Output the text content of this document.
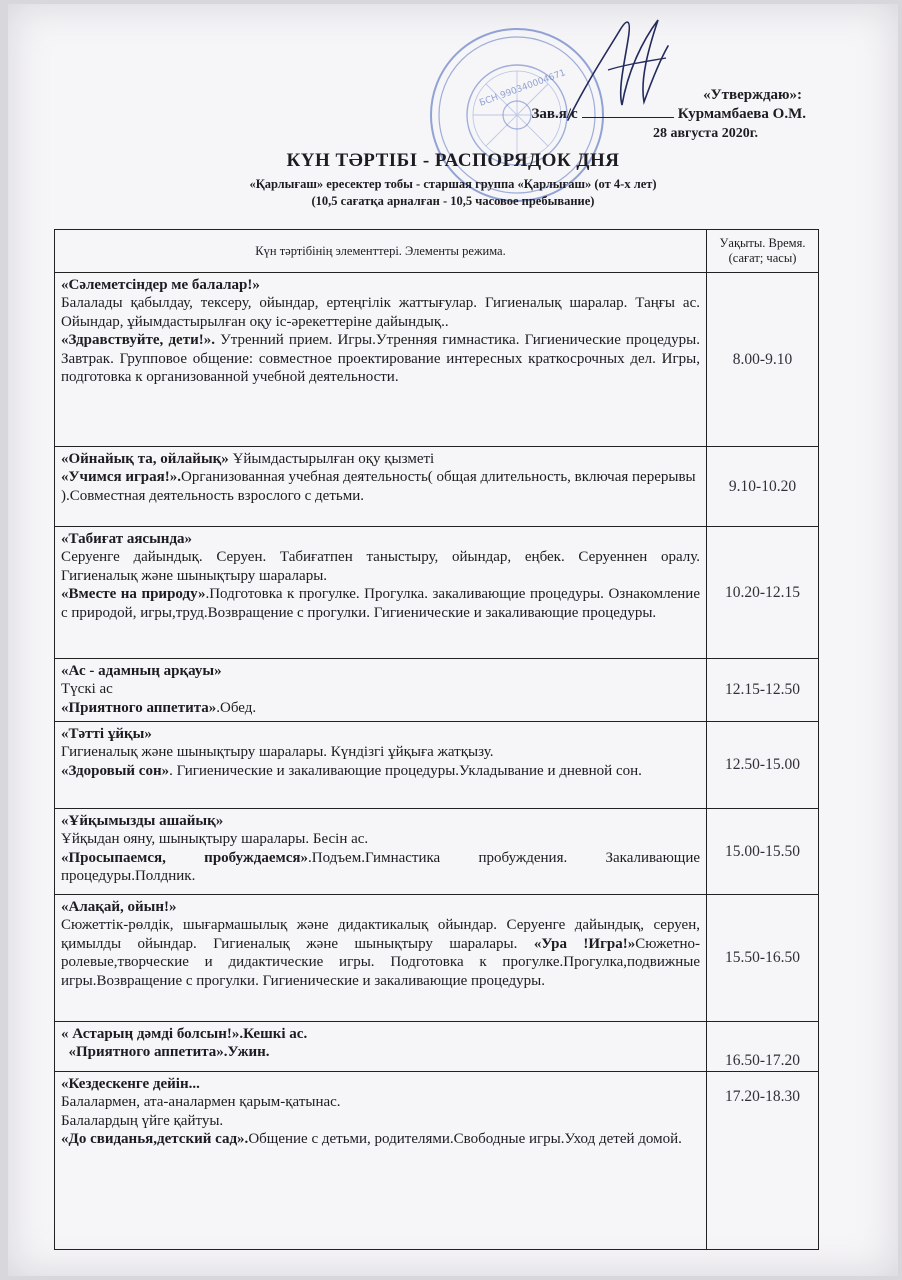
БСН 990340004671	«Утверждаю»:
Зав.я/с	Курмамбаева О.М.
28 августа 2020г.
КҮН ТӘРТІБІ - РАСПОРЯДОК ДНЯ
«Қарлығаш» ересектер тобы - старшая группа «Қарлығаш» (от 4-х лет)
(10,5 сағатқа арналған - 10,5 часовое пребывание)
Күн тәртібінің элементтері. Элементы режима.	Уақыты. Время.
(сағат; часы)

«Сәлеметсіндер ме балалар!»
Балалады қабылдау, тексеру, ойындар, ертеңгілік жаттығулар. Гигиеналық шаралар. Таңғы ас. Ойындар, ұйымдастырылған оқу іс-әрекеттеріне дайындық..
«Здравствуйте, дети!». Утренний прием. Игры.Утренняя гимнастика. Гигиенические процедуры. Завтрак. Групповое общение: совместное проектирование интересных краткосрочных дел. Игры, подготовка к организованной учебной деятельности.	8.00-9.10
«Ойнайық та, ойлайық» Ұйымдастырылған оқу қызметі
«Учимся играя!».Организованная учебная деятельность( общая длительность, включая перерывы ).Совместная деятельность взрослого с детьми.	9.10-10.20

«Табиғат аясында»
Серуенге дайындық. Серуен. Табиғатпен таныстыру, ойындар, еңбек. Серуеннен оралу. Гигиеналық және шынықтыру шаралары.
«Вместе на природу».Подготовка к прогулке. Прогулка. закаливающие процедуры. Ознакомление с природой, игры,труд.Возвращение с прогулки. Гигиенические и закаливающие процедуры.	10.20-12.15

«Ас - адамның арқауы»
Түскі ас
«Приятного аппетита».Обед.	12.15-12.50

«Тәтті ұйқы»
Гигиеналық және шынықтыру шаралары. Күндізгі ұйқыға жатқызу.
«Здоровый сон». Гигиенические и закаливающие процедуры.Укладывание и дневной сон.	12.50-15.00

«Ұйқымызды ашайық»
Ұйқыдан ояну, шынықтыру шаралары. Бесін ас.
«Просыпаемся, пробуждаемся».Подъем.Гимнастика пробуждения. Закаливающие процедуры.Полдник.	15.00-15.50

«Алақай, ойын!»
Сюжеттік-рөлдік, шығармашылық және дидактикалық ойындар. Серуенге дайындық, серуен, қимылды ойындар. Гигиеналық және шынықтыру шаралары. «Ура !Игра!»Сюжетно-ролевые,творческие и дидактические игры. Подготовка к прогулке.Прогулка,подвижные игры.Возвращение с прогулки. Гигиенические и закаливающие процедуры.	15.50-16.50

« Астарың дәмді болсын!».Кешкі ас.
«Приятного аппетита».Ужин.	16.50-17.20

«Кездескенге дейін...
Балалармен, ата-аналармен қарым-қатынас.
Балалардың үйге қайтуы.
«До свиданья,детский сад».Общение с детьми, родителями.Свободные игры.Уход детей домой.	17.20-18.30
